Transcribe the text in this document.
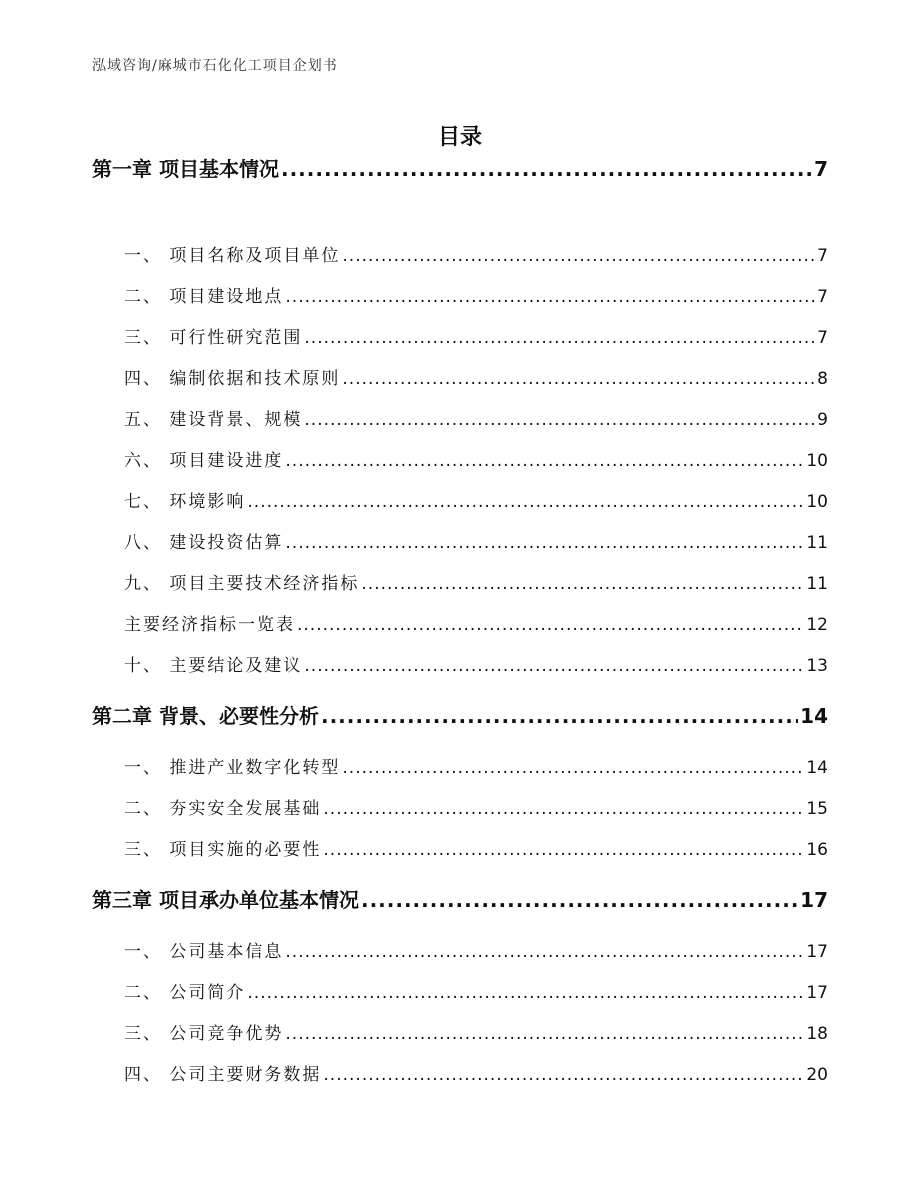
泓域咨询/麻城市石化化工项目企划书
目录
第一章 项目基本情况 .....	7
一、 项目名称及项目单位 .....	7
二、 项目建设地点 .....	7
三、 可行性研究范围 .....	7
四、 编制依据和技术原则 .....	8
五、 建设背景、规模 .....	9
六、 项目建设进度 .....	10
七、 环境影响 .....	10
八、 建设投资估算 .....	11
九、 项目主要技术经济指标 .....	11
主要经济指标一览表 .....	12
十、 主要结论及建议 .....	13
第二章 背景、必要性分析 .....	14
一、 推进产业数字化转型 .....	14
二、 夯实安全发展基础 .....	15
三、 项目实施的必要性 .....	16
第三章 项目承办单位基本情况 .....	17
一、 公司基本信息 .....	17
二、 公司简介 .....	17
三、 公司竞争优势 .....	18
四、 公司主要财务数据 .....	20
